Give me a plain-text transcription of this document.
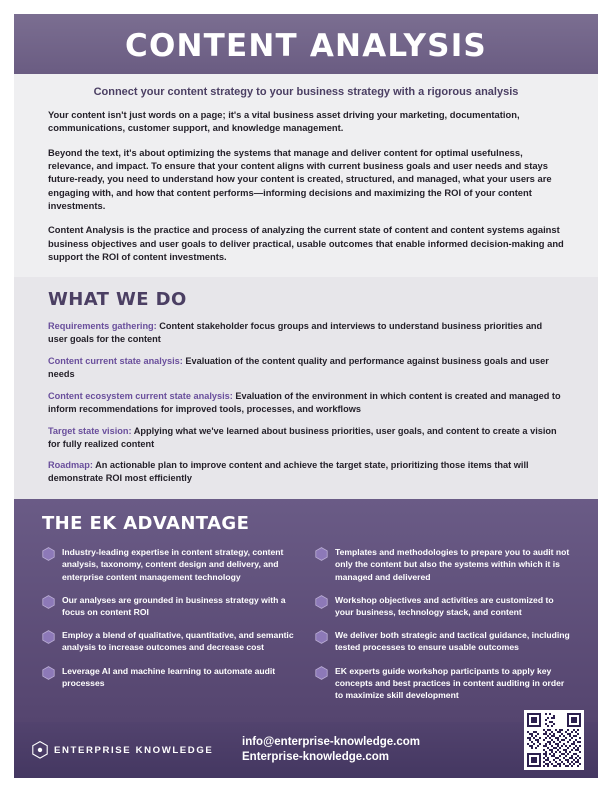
CONTENT ANALYSIS
Connect your content strategy to your business strategy with a rigorous analysis

Your content isn't just words on a page; it's a vital business asset driving your marketing, documentation, communications, customer support, and knowledge management.

Beyond the text, it's about optimizing the systems that manage and deliver content for optimal usefulness, relevance, and impact. To ensure that your content aligns with current business goals and user needs and stays future-ready, you need to understand how your content is created, structured, and managed, what your users are engaging with, and how that content performs—informing decisions and maximizing the ROI of your content investments.

Content Analysis is the practice and process of analyzing the current state of content and content systems against business objectives and user goals to deliver practical, usable outcomes that enable informed decision-making and support the ROI of content investments.

WHAT WE DO
Requirements gathering: Content stakeholder focus groups and interviews to understand business priorities and user goals for the content
Content current state analysis: Evaluation of the content quality and performance against business goals and user needs
Content ecosystem current state analysis: Evaluation of the environment in which content is created and managed to inform recommendations for improved tools, processes, and workflows
Target state vision: Applying what we've learned about business priorities, user goals, and content to create a vision for fully realized content
Roadmap: An actionable plan to improve content and achieve the target state, prioritizing those items that will demonstrate ROI most efficiently
THE EK ADVANTAGE
Industry-leading expertise in content strategy, content analysis, taxonomy, content design and delivery, and enterprise content management technology
Our analyses are grounded in business strategy with a focus on content ROI
Employ a blend of qualitative, quantitative, and semantic analysis to increase outcomes and decrease cost
Leverage AI and machine learning to automate audit processes
Templates and methodologies to prepare you to audit not only the content but also the systems within which it is managed and delivered
Workshop objectives and activities are customized to your business, technology stack, and content
We deliver both strategic and tactical guidance, including tested processes to ensure usable outcomes
EK experts guide workshop participants to apply key concepts and best practices in content auditing in order to maximize skill development
ENTERPRISE KNOWLEDGE
info@enterprise-knowledge.com
Enterprise-knowledge.com
